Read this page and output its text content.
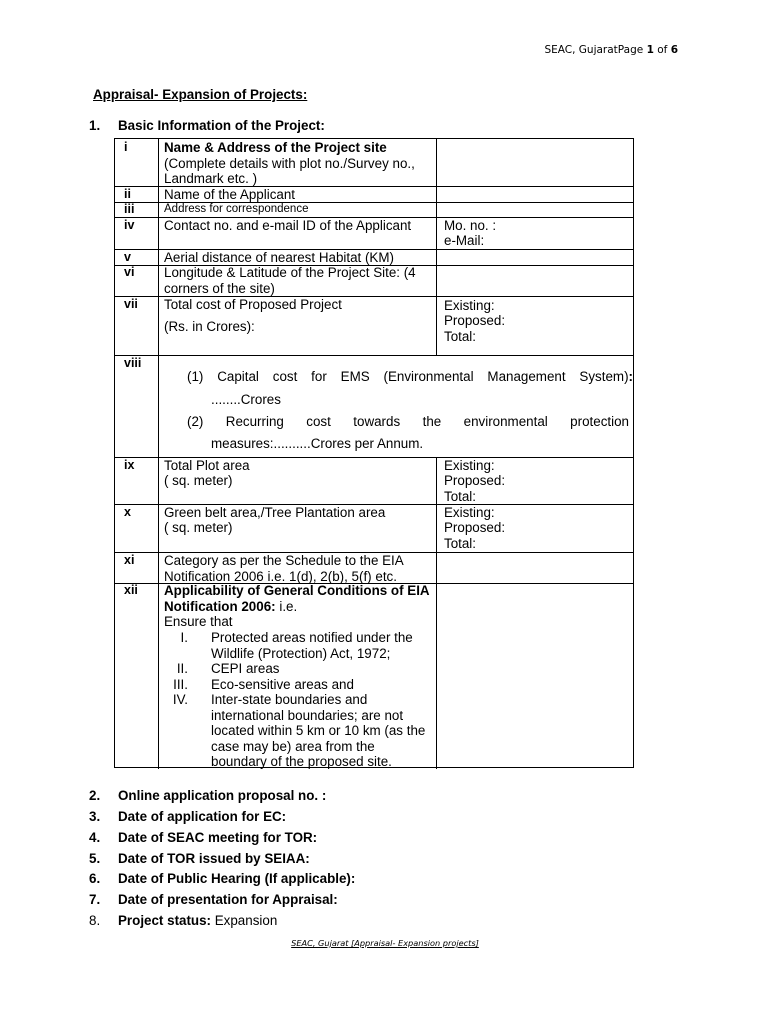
SEAC, GujaratPage 1 of 6
Appraisal- Expansion of Projects:
1. Basic Information of the Project:
i	Name & Address of the Project site
(Complete details with plot no./Survey no., Landmark etc. )
ii Name of the Applicant
iii	Address for correspondence
iv Contact no. and e-mail ID of the Applicant Mo. no. :
e-Mail:
v Aerial distance of nearest Habitat (KM)
vi Longitude & Latitude of the Project Site: (4 corners of the site)
vii Total cost of Proposed Project
(Rs. in Crores):
Existing:
Proposed:
Total:
viii
(1) Capital cost for EMS (Environmental Management System):
........Crores
(2) Recurring cost towards the environmental protection
measures:..........Crores per Annum.
ix Total Plot area
( sq. meter)
Existing:
Proposed:
Total:
x Green belt area,/Tree Plantation area
( sq. meter)
Existing:
Proposed:
Total:
xi Category as per the Schedule to the EIA Notification 2006 i.e. 1(d), 2(b), 5(f) etc.
xii Applicability of General Conditions of EIA Notification 2006: i.e.
Ensure that
I. Protected areas notified under the Wildlife (Protection) Act, 1972;
II. CEPI areas
III. Eco-sensitive areas and
IV. Inter-state boundaries and international boundaries; are not located within 5 km or 10 km (as the case may be) area from the boundary of the proposed site.
2. Online application proposal no. :
3. Date of application for EC:
4. Date of SEAC meeting for TOR:
5. Date of TOR issued by SEIAA:
6. Date of Public Hearing (If applicable):
7. Date of presentation for Appraisal:
8. Project status: Expansion
SEAC, Gujarat [Appraisal- Expansion projects]
